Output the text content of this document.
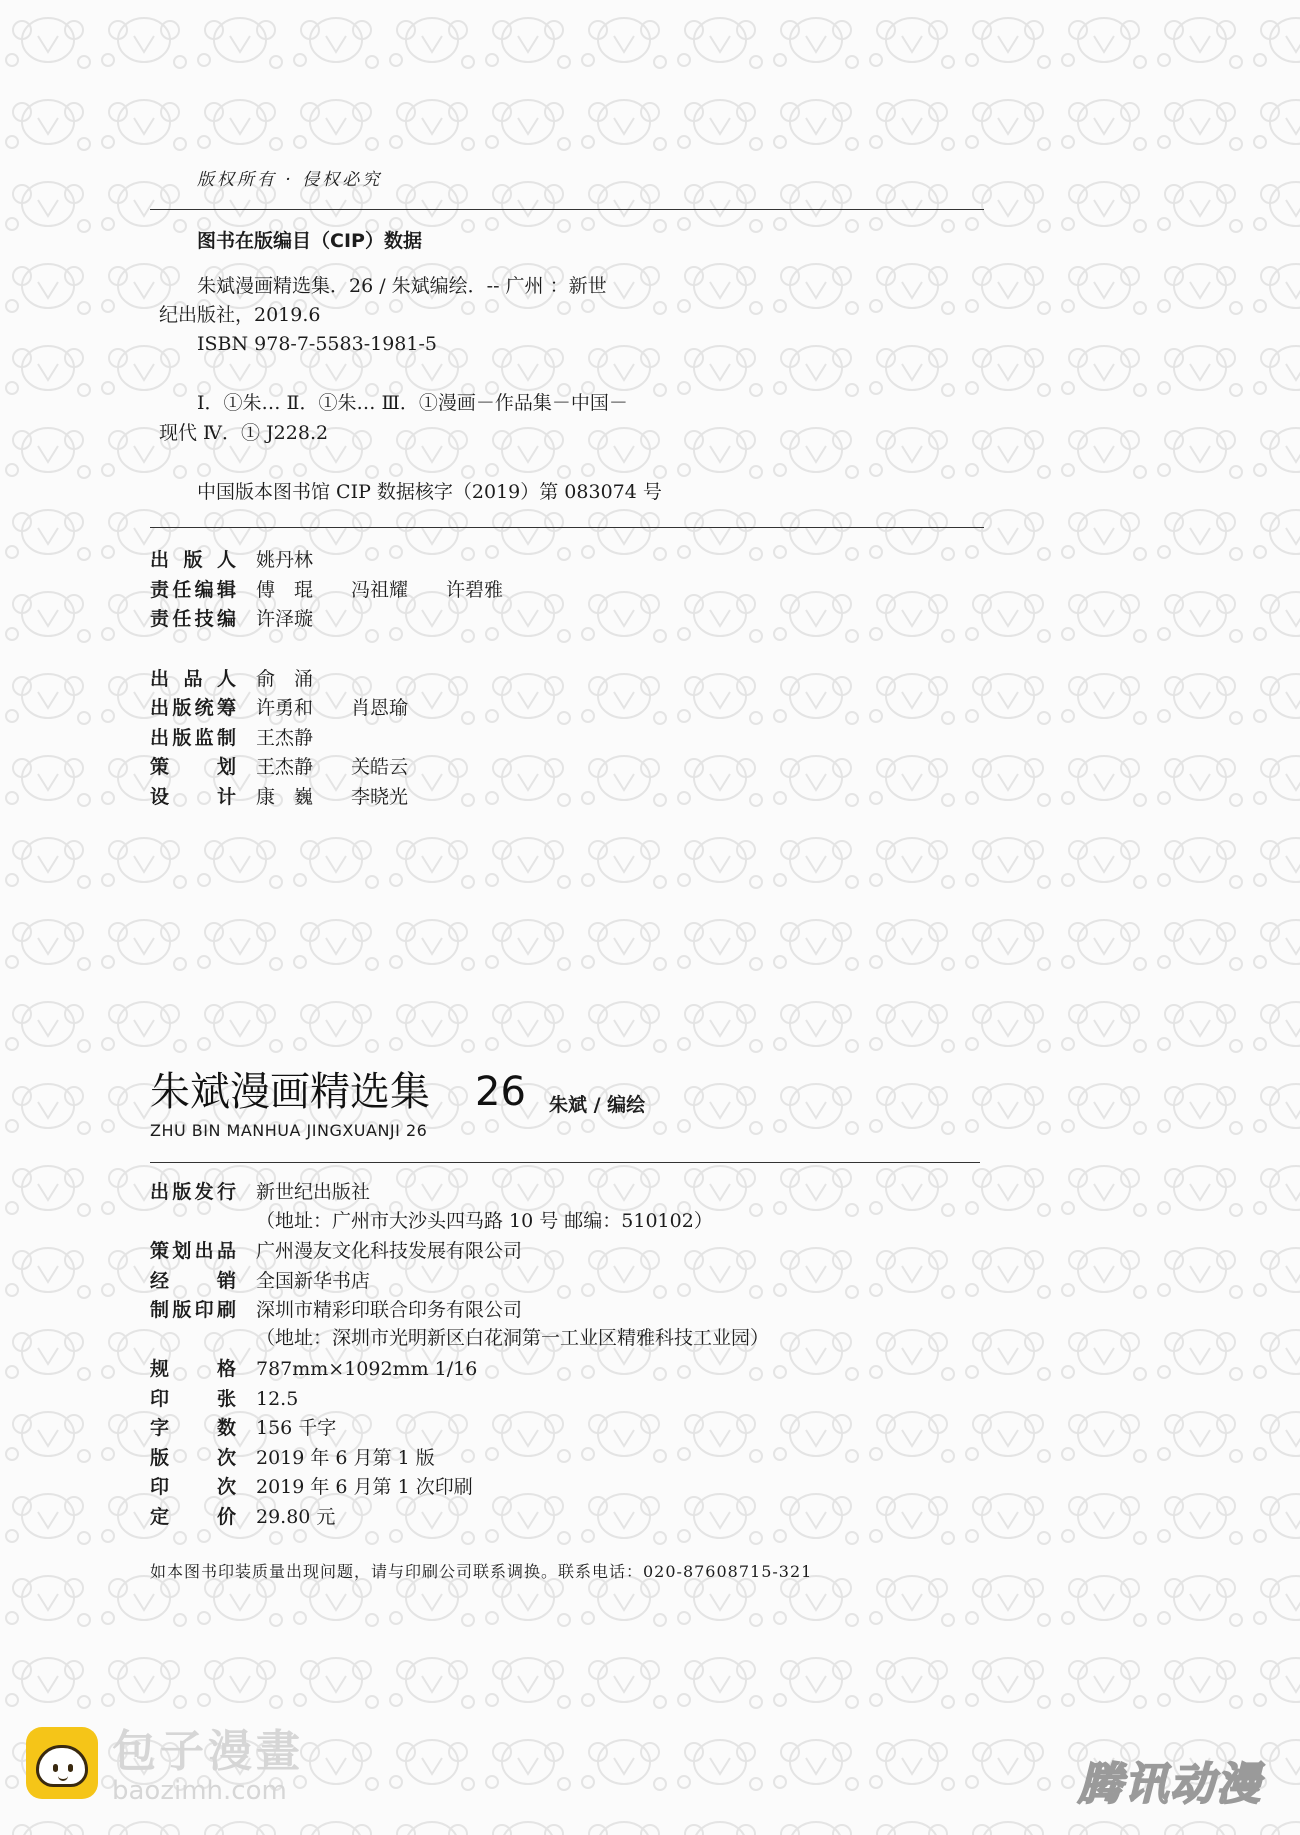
版权所有 · 侵权必究
图书在版编目（CIP）数据
朱斌漫画精选集．26 / 朱斌编绘．-- 广州 ：新世
纪出版社，2019.6
ISBN 978-7-5583-1981-5
Ⅰ．①朱… Ⅱ．①朱… Ⅲ．①漫画－作品集－中国－
现代 Ⅳ．① J228.2
中国版本图书馆 CIP 数据核字（2019）第 083074 号
出 版 人 姚丹林
责 任 编 辑 傅　琨　　冯祖耀　　许碧雅
责 任 技 编 许泽璇
出 品 人 俞　涌
出 版 统 筹 许勇和　　肖恩瑜
出 版 监 制 王杰静
策	划 王杰静　　关皓云
设	计 康　巍　　李晓光
朱斌漫画精选集 26 朱斌 / 编绘
ZHU BIN MANHUA JINGXUANJI 26
出 版 发 行 新世纪出版社
（地址：广州市大沙头四马路 10 号 邮编：510102）
策 划 出 品 广州漫友文化科技发展有限公司
经	销 全国新华书店
制 版 印 刷 深圳市精彩印联合印务有限公司
（地址：深圳市光明新区白花洞第一工业区精雅科技工业园）
规	格 787mm×1092mm 1/16
印	张 12.5
字	数 156 千字
版	次 2019 年 6 月第 1 版
印	次 2019 年 6 月第 1 次印刷
定	价 29.80 元
如本图书印装质量出现问题，请与印刷公司联系调换。联系电话：020-87608715-321
包子漫畫
baozimh.com	腾讯动漫
